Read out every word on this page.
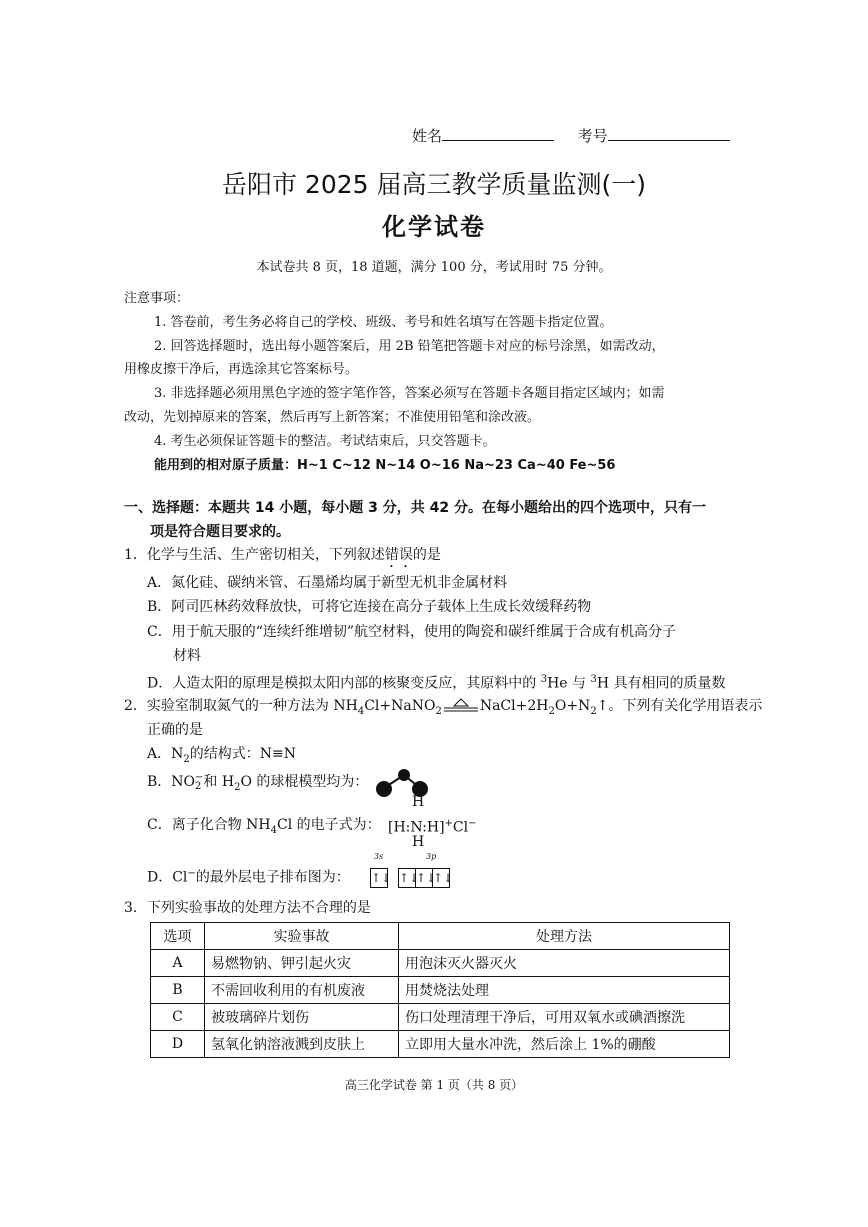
姓名	考号
岳阳市 2025 届高三教学质量监测(一)
化学试卷
本试卷共 8 页，18 道题，满分 100 分，考试用时 75 分钟。
注意事项：
1. 答卷前，考生务必将自己的学校、班级、考号和姓名填写在答题卡指定位置。
2. 回答选择题时，选出每小题答案后，用 2B 铅笔把答题卡对应的标号涂黑，如需改动，
用橡皮擦干净后，再选涂其它答案标号。
3. 非选择题必须用黑色字迹的签字笔作答，答案必须写在答题卡各题目指定区域内；如需
改动，先划掉原来的答案，然后再写上新答案；不准使用铅笔和涂改液。
4. 考生必须保证答题卡的整洁。考试结束后，只交答题卡。
能用到的相对原子质量：H~1 C~12 N~14 O~16 Na~23 Ca~40 Fe~56
一、选择题：本题共 14 小题，每小题 3 分，共 42 分。在每小题给出的四个选项中，只有一
项是符合题目要求的。
1．化学与生活、生产密切相关，下列叙述错误的是
A．氮化硅、碳纳米管、石墨烯均属于新型无机非金属材料
B．阿司匹林药效释放快，可将它连接在高分子载体上生成长效缓释药物
C．用于航天服的“连续纤维增韧”航空材料，使用的陶瓷和碳纤维属于合成有机高分子
材料
D．人造太阳的原理是模拟太阳内部的核聚变反应，其原料中的 $^3$He 与 $^3$H 具有相同的质量数
2．实验室制取氮气的一种方法为 $NH_4Cl+NaNO_2$	$NaCl+2H_2O+N_2↑$。下列有关化学用语表示
正确的是
A．$N_2$的结构式：N≡N
B．NO −
2 和 $H_2O$ 的球棍模型均为：
C．离子化合物 $NH_4Cl$ 的电子式为：
H
[H:N:H]+Cl−
H
D．Cl−的最外层电子排布图为：
3s	3p
↑↓ ↑↓
↑↓
↑↓
3．下列实验事故的处理方法不合理的是
选项	实验事故	处理方法
A	易燃物钠、钾引起火灾	用泡沫灭火器灭火
B	不需回收利用的有机废液	用焚烧法处理
C	被玻璃碎片划伤	伤口处理清理干净后，可用双氧水或碘酒擦洗
D	氢氧化钠溶液溅到皮肤上	立即用大量水冲洗，然后涂上 1%的硼酸
高三化学试卷 第 1 页（共 8 页）
